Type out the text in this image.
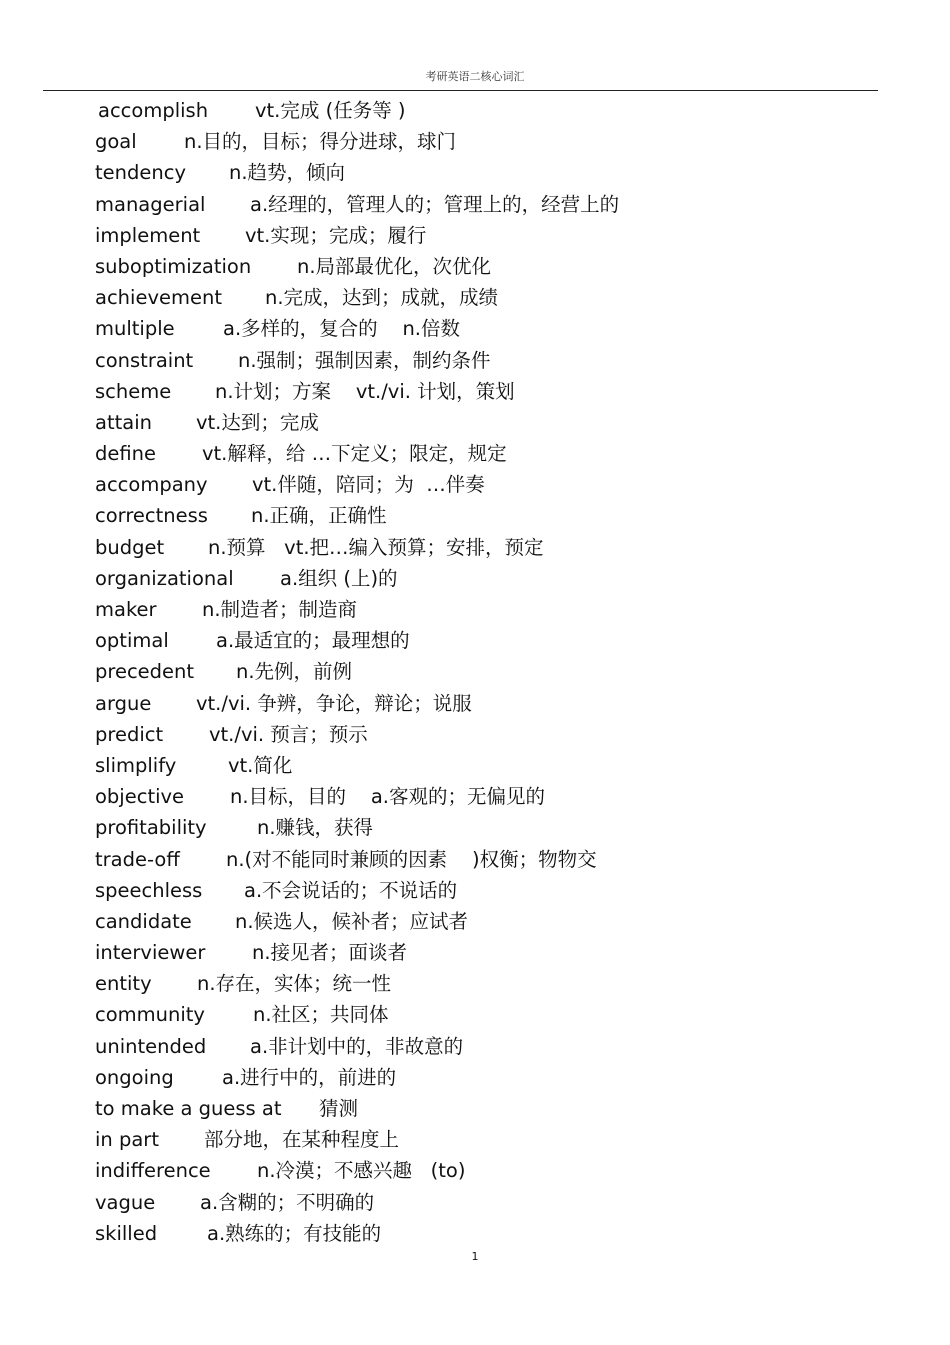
考研英语二核心词汇
accomplish vt.完成 (任务等 )
goal n.目的，目标；得分进球，球门
tendency n.趋势，倾向
managerial a.经理的，管理人的；管理上的，经营上的
implement vt.实现；完成；履行
suboptimization n.局部最优化，次优化
achievement n.完成，达到；成就，成绩
multiple a.多样的，复合的    n.倍数
constraint n.强制；强制因素，制约条件
scheme n.计划；方案    vt./vi. 计划，策划
attain vt.达到；完成
define vt.解释，给 …下定义；限定，规定
accompany vt.伴随，陪同；为  …伴奏
correctness n.正确，正确性
budget n.预算   vt.把…编入预算；安排，预定
organizational a.组织 (上)的
maker n.制造者；制造商
optimal a.最适宜的；最理想的
precedent n.先例，前例
argue vt./vi. 争辨，争论，辩论；说服
predict vt./vi. 预言；预示
slimplify	vt.简化
objective n.目标，目的    a.客观的；无偏见的
profitability	n.赚钱，获得
trade-off n.(对不能同时兼顾的因素    )权衡；物物交
speechless a.不会说话的；不说话的
candidate n.候选人，候补者；应试者
interviewer n.接见者；面谈者
entity n.存在，实体；统一性
community n.社区；共同体
unintended a.非计划中的，非故意的
ongoing a.进行中的，前进的
to make a guess at 猜测
in part 部分地，在某种程度上
indifference n.冷漠；不感兴趣   (to)
vague a.含糊的；不明确的
skilled	a.熟练的；有技能的
1
